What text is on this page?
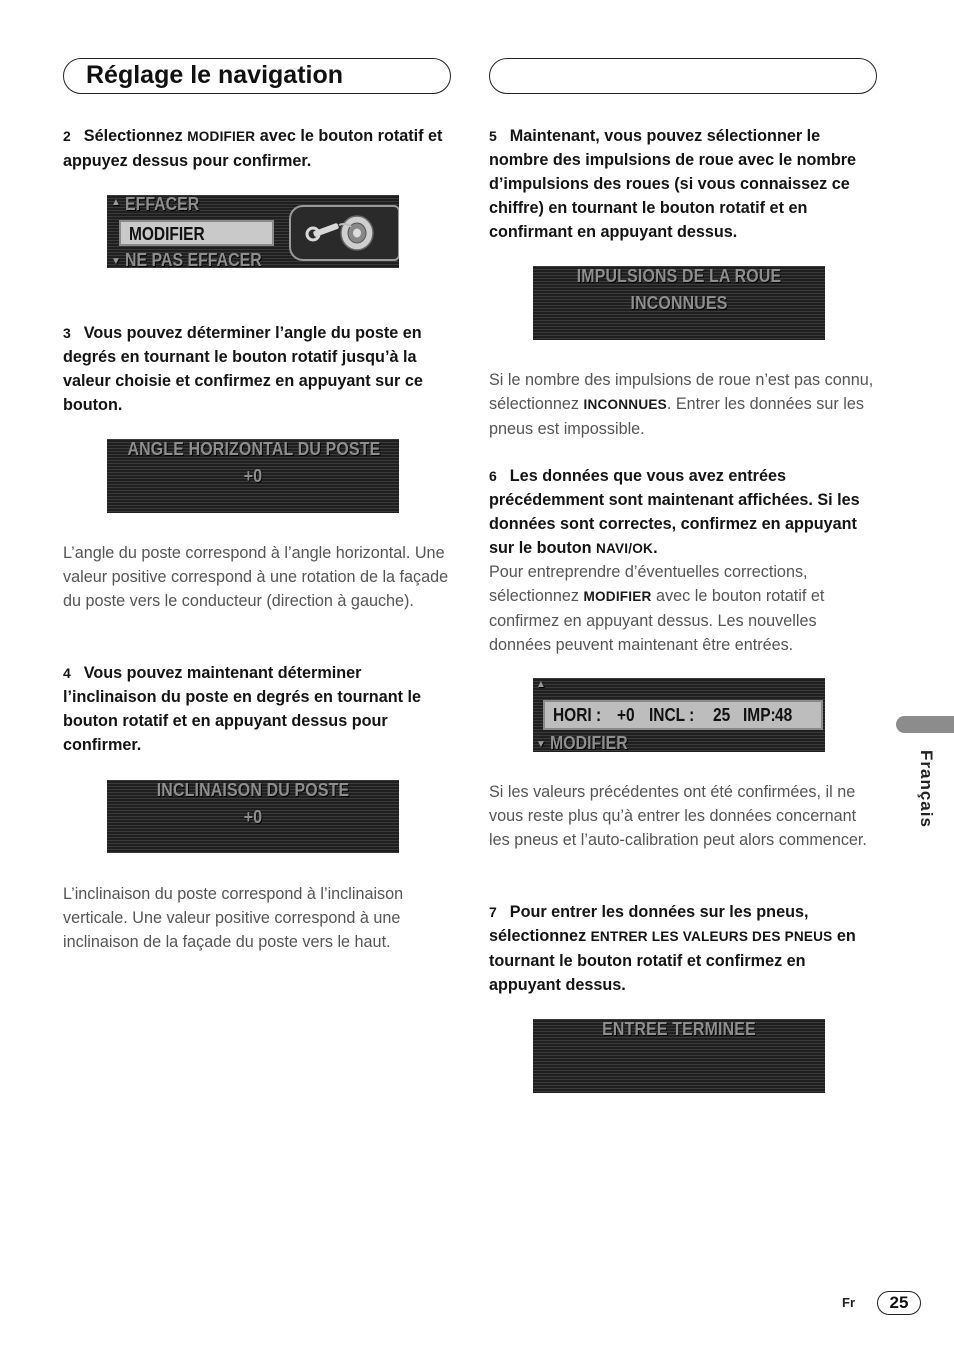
Réglage le navigation
2 Sélectionnez MODIFIER avec le bouton rotatif et appuyez dessus pour confirmer.
▲ EFFACER
MODIFIER
▼ NE PAS EFFACER
3 Vous pouvez déterminer l’angle du poste en degrés en tournant le bouton rotatif jusqu’à la valeur choisie et confirmez en appuyant sur ce bouton.
ANGLE HORIZONTAL DU POSTE
+0
L’angle du poste correspond à l’angle horizontal. Une valeur positive correspond à une rotation de la façade du poste vers le conducteur (direction à gauche).
4 Vous pouvez maintenant déterminer l’inclinaison du poste en degrés en tournant le bouton rotatif et en appuyant dessus pour confirmer.
INCLINAISON DU POSTE
+0
L’inclinaison du poste correspond à l’inclinaison verticale. Une valeur positive correspond à une inclinaison de la façade du poste vers le haut.
5 Maintenant, vous pouvez sélectionner le nombre des impulsions de roue avec le nombre d’impulsions des roues (si vous connaissez ce chiffre) en tournant le bouton rotatif et en confirmant en appuyant dessus.
IMPULSIONS DE LA ROUE
INCONNUES
Si le nombre des impulsions de roue n’est pas connu, sélectionnez INCONNUES. Entrer les données sur les pneus est impossible.
6 Les données que vous avez entrées précédemment sont maintenant affichées. Si les données sont correctes, confirmez en appuyant sur le bouton NAVI/OK.
Pour entreprendre d’éventuelles corrections, sélectionnez MODIFIER avec le bouton rotatif et confirmez en appuyant dessus. Les nouvelles données peuvent maintenant être entrées.
▲
HORI : +0 INCL : 25 IMP: 48
▼ MODIFIER
Si les valeurs précédentes ont été confirmées, il ne vous reste plus qu’à entrer les données concernant les pneus et l’auto-calibration peut alors commencer.
7 Pour entrer les données sur les pneus, sélectionnez ENTRER LES VALEURS DES PNEUS en tournant le bouton rotatif et confirmez en appuyant dessus.
ENTREE TERMINEE
Français
Fr	25
